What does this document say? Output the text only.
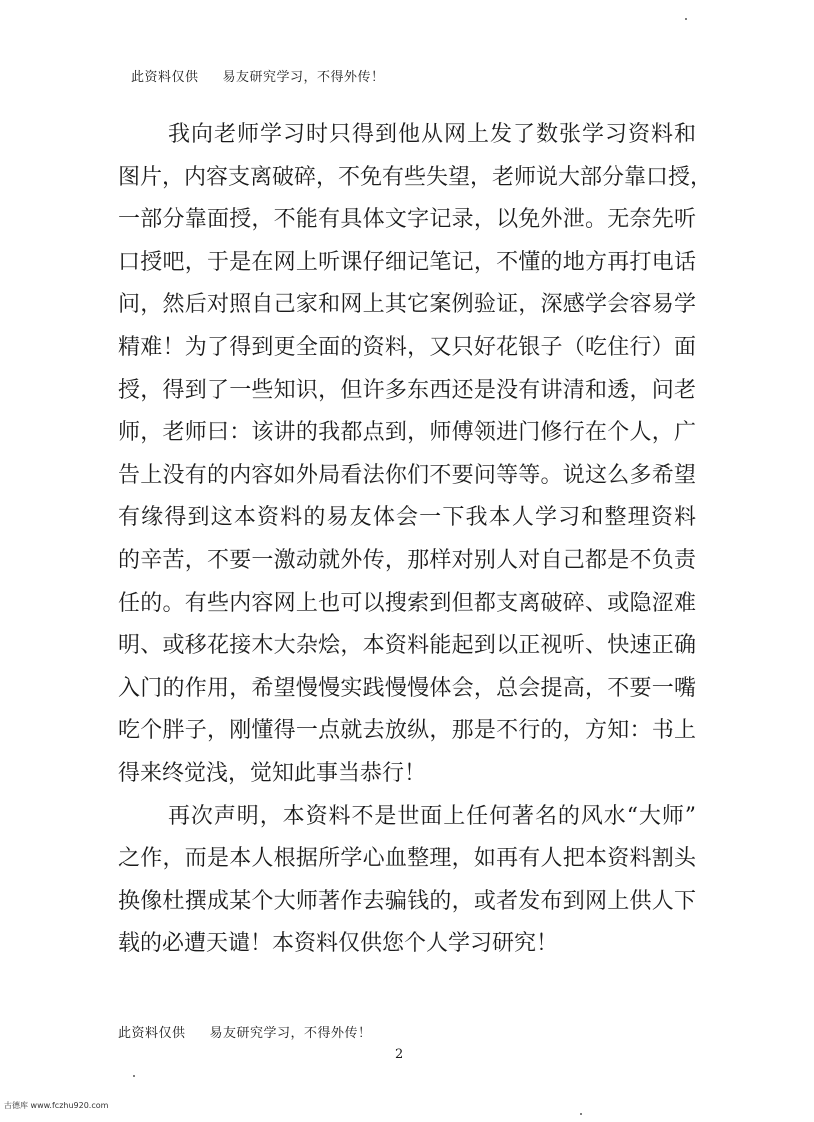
此资料仅供 易友研究学习，不得外传！
我向老师学习时只得到他从网上发了数张学习资料和
图片，内容支离破碎，不免有些失望，老师说大部分靠口授，
一部分靠面授，不能有具体文字记录，以免外泄。无奈先听
口授吧，于是在网上听课仔细记笔记，不懂的地方再打电话
问，然后对照自己家和网上其它案例验证，深感学会容易学
精难！为了得到更全面的资料，又只好花银子（吃住行）面
授，得到了一些知识，但许多东西还是没有讲清和透，问老
师，老师曰：该讲的我都点到，师傅领进门修行在个人，广
告上没有的内容如外局看法你们不要问等等。说这么多希望
有缘得到这本资料的易友体会一下我本人学习和整理资料
的辛苦，不要一激动就外传，那样对别人对自己都是不负责
任的。有些内容网上也可以搜索到但都支离破碎、或隐涩难
明、或移花接木大杂烩，本资料能起到以正视听、快速正确
入门的作用，希望慢慢实践慢慢体会，总会提高，不要一嘴
吃个胖子，刚懂得一点就去放纵，那是不行的，方知：书上
得来终觉浅，觉知此事当恭行！
再次声明，本资料不是世面上任何著名的风水“大师”
之作，而是本人根据所学心血整理，如再有人把本资料割头
换像杜撰成某个大师著作去骗钱的，或者发布到网上供人下
载的必遭天谴！本资料仅供您个人学习研究！
此资料仅供 易友研究学习，不得外传！
2
古德库 www.fczhu920.com
